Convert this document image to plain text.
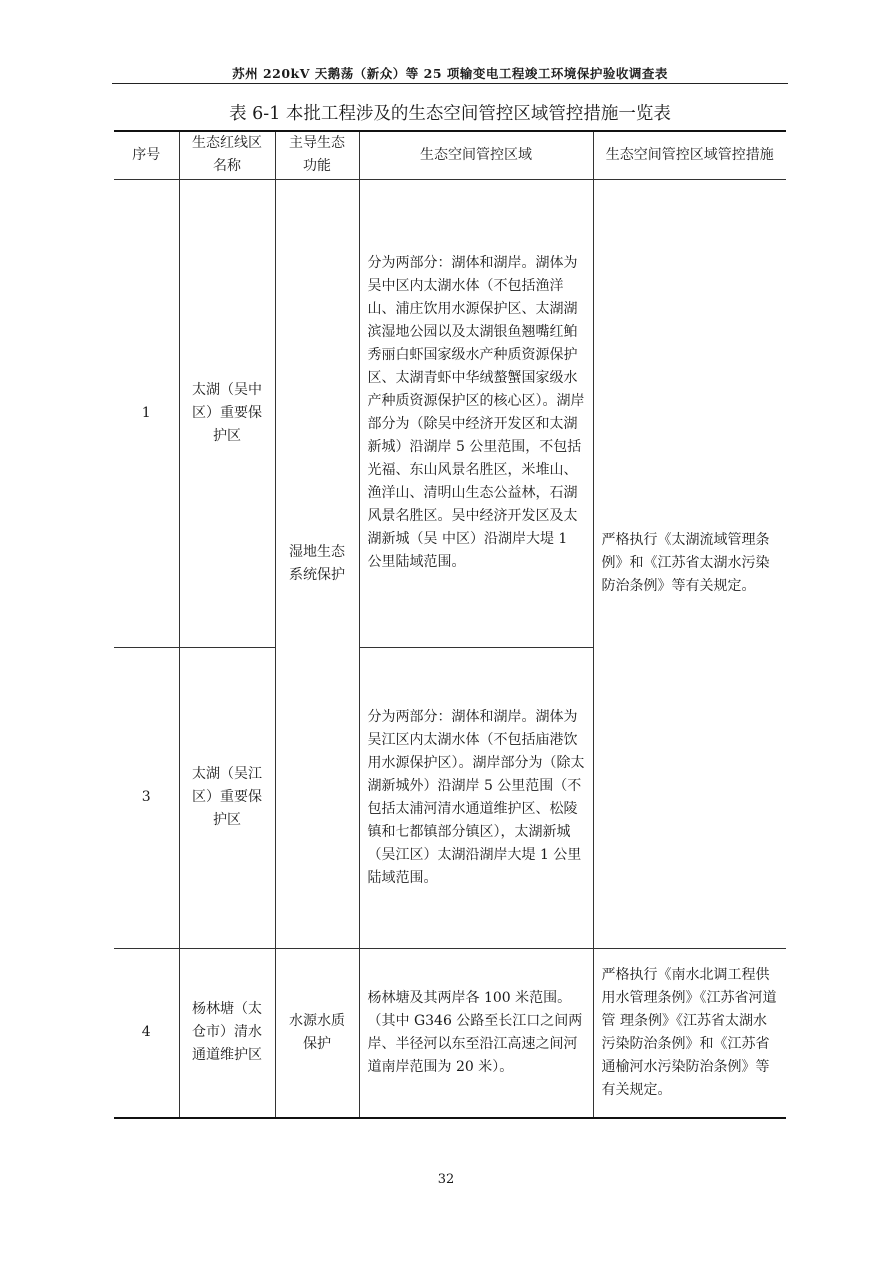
苏州 220kV 天鹅荡（新众）等 25 项输变电工程竣工环境保护验收调查表
表 6-1 本批工程涉及的生态空间管控区域管控措施一览表
序号	生态红线区名称	主导生态功能	生态空间管控区域	生态空间管控区域管控措施
1	太湖（吴中区）重要保护区	湿地生态系统保护	分为两部分：湖体和湖岸。湖体为吴中区内太湖水体（不包括渔洋山、浦庄饮用水源保护区、太湖湖滨湿地公园以及太湖银鱼翘嘴红鲌秀丽白虾国家级水产种质资源保护区、太湖青虾中华绒螯蟹国家级水产种质资源保护区的核心区）。湖岸部分为（除吴中经济开发区和太湖新城）沿湖岸 5 公里范围，不包括光福、东山风景名胜区，米堆山、渔洋山、清明山生态公益林，石湖风景名胜区。吴中经济开发区及太湖新城（吴 中区）沿湖岸大堤 1 公里陆域范围。	严格执行《太湖流域管理条例》和《江苏省太湖水污染防治条例》等有关规定。
3	太湖（吴江区）重要保护区		分为两部分：湖体和湖岸。湖体为吴江区内太湖水体（不包括庙港饮用水源保护区）。湖岸部分为（除太湖新城外）沿湖岸 5 公里范围（不包括太浦河清水通道维护区、松陵镇和七都镇部分镇区），太湖新城（吴江区）太湖沿湖岸大堤 1 公里陆域范围。	
4	杨林塘（太仓市）清水通道维护区	水源水质保护	杨林塘及其两岸各 100 米范围。（其中 G346 公路至长江口之间两岸、半径河以东至沿江高速之间河道南岸范围为 20 米）。	严格执行《南水北调工程供用水管理条例》《江苏省河道管 理条例》《江苏省太湖水污染防治条例》和《江苏省通榆河水污染防治条例》等有关规定。
32
